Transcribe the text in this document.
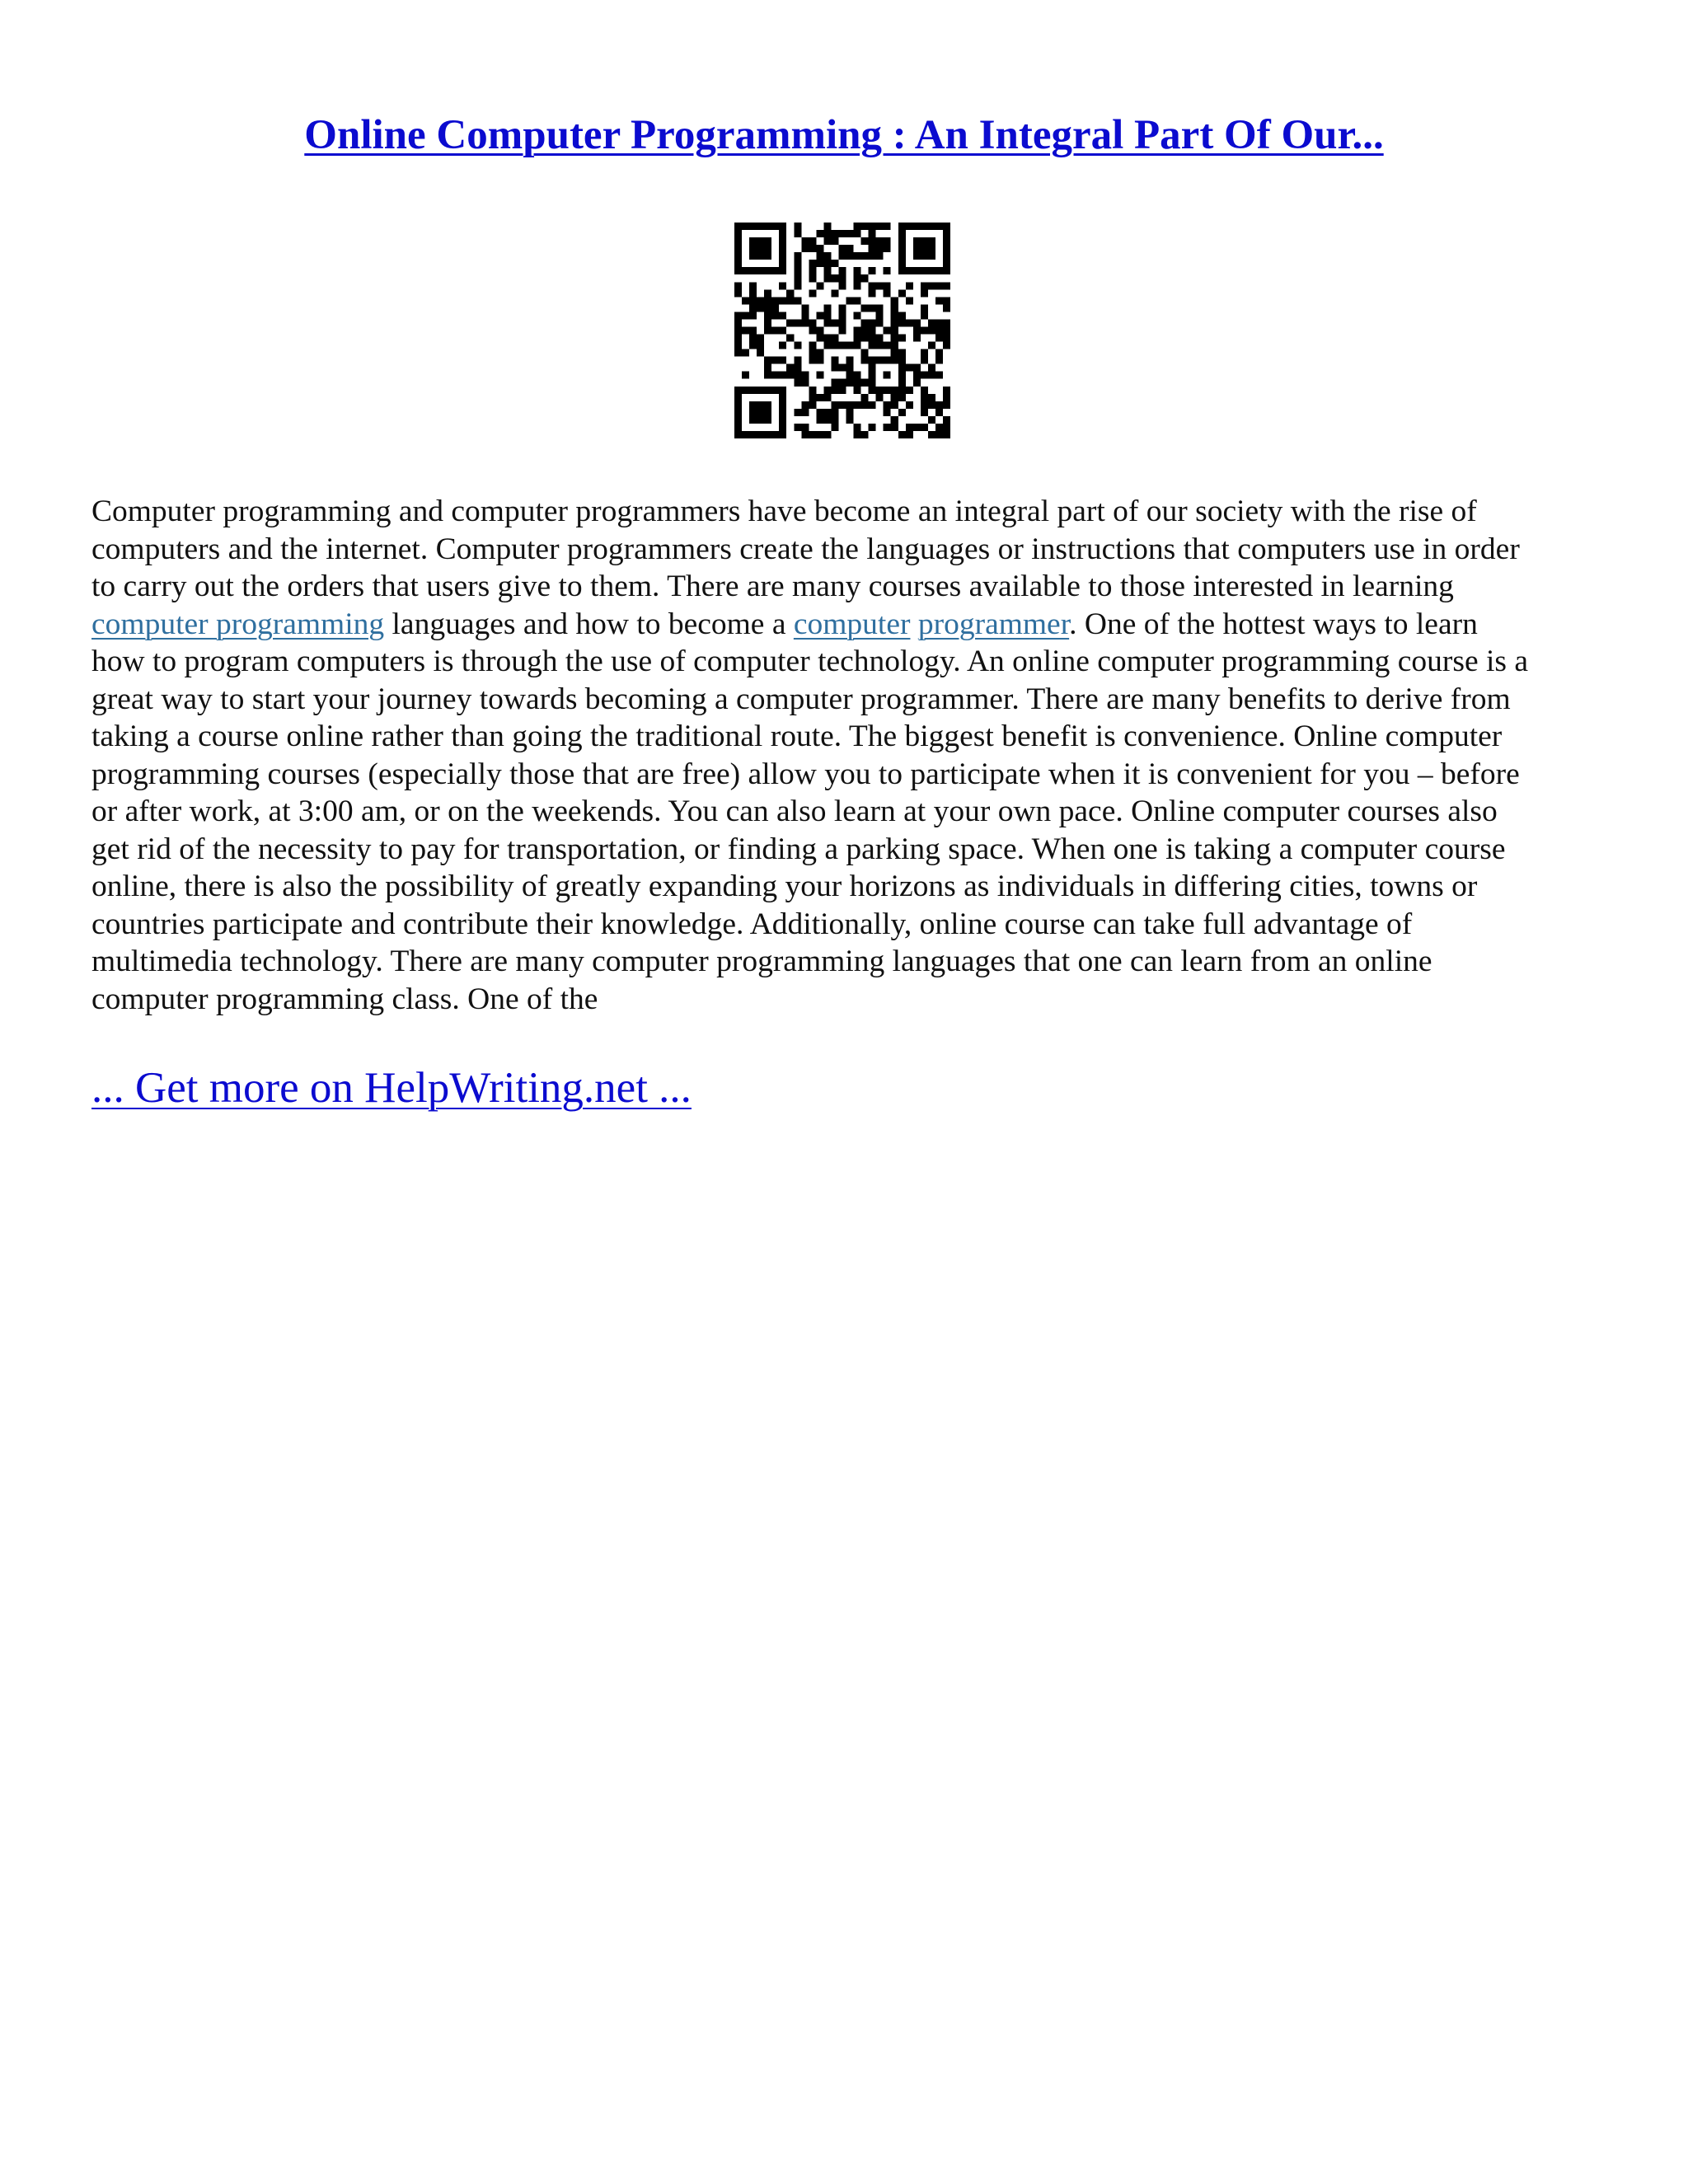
Online Computer Programming : An Integral Part Of Our...
Computer programming and computer programmers have become an integral part of our society with the rise of
computers and the internet. Computer programmers create the languages or instructions that computers use in order
to carry out the orders that users give to them. There are many courses available to those interested in learning
computer programming languages and how to become a computer programmer. One of the hottest ways to learn
how to program computers is through the use of computer technology. An online computer programming course is a
great way to start your journey towards becoming a computer programmer. There are many benefits to derive from
taking a course online rather than going the traditional route. The biggest benefit is convenience. Online computer
programming courses (especially those that are free) allow you to participate when it is convenient for you – before
or after work, at 3:00 am, or on the weekends. You can also learn at your own pace. Online computer courses also
get rid of the necessity to pay for transportation, or finding a parking space. When one is taking a computer course
online, there is also the possibility of greatly expanding your horizons as individuals in differing cities, towns or
countries participate and contribute their knowledge. Additionally, online course can take full advantage of
multimedia technology. There are many computer programming languages that one can learn from an online
computer programming class. One of the

... Get more on HelpWriting.net ...
